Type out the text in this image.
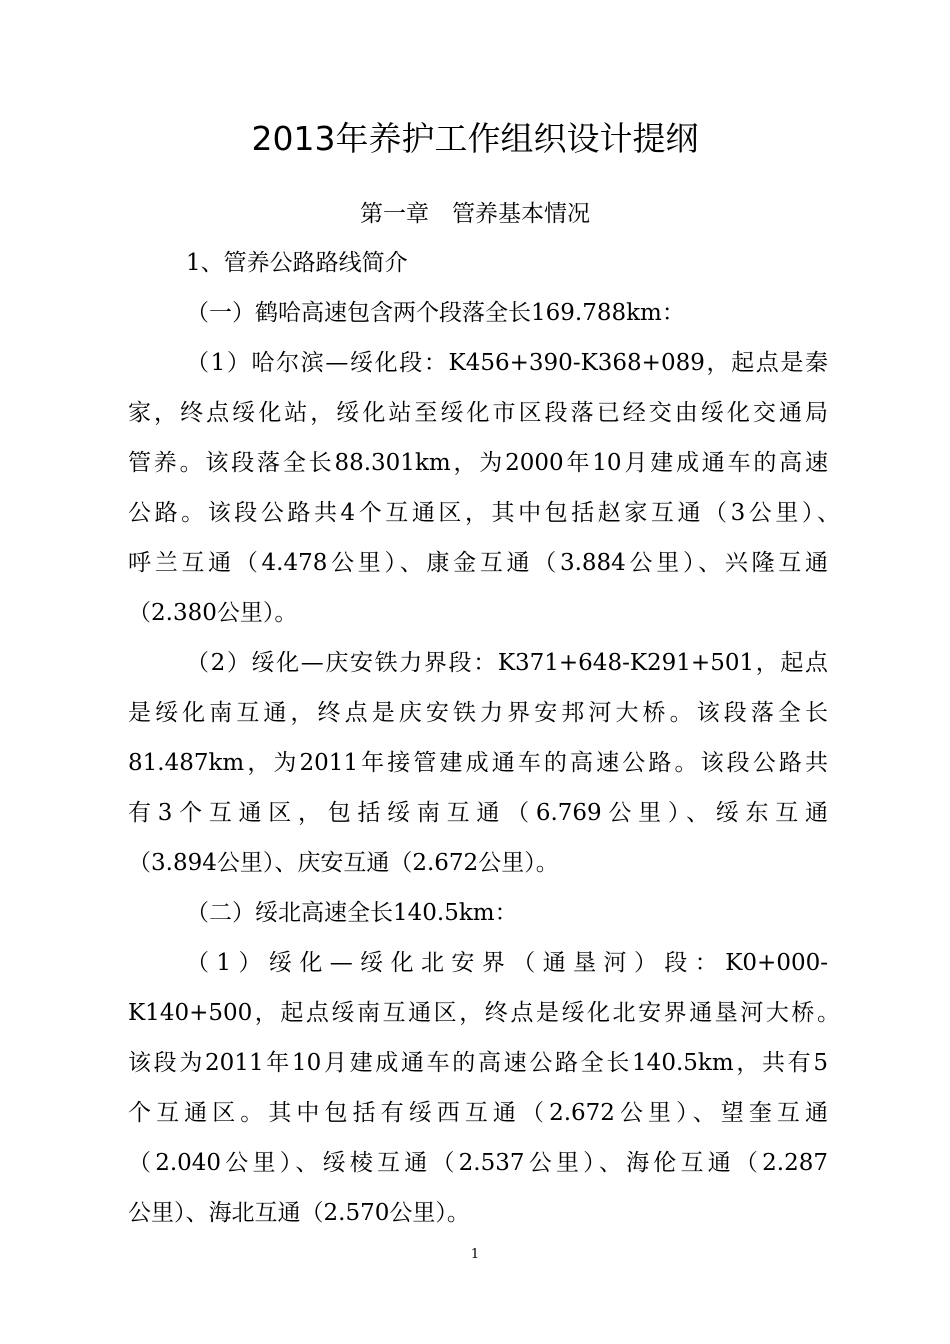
2013年养护工作组织设计提纲
第一章　管养基本情况
1、管养公路路线简介
（一）鹤哈高速包含两个段落全长169.788km：
（1）哈尔滨—绥化段：K456+390-K368+089，起点是秦
家，终点绥化站，绥化站至绥化市区段落已经交由绥化交通局
管养。该段落全长88.301km，为2000年10月建成通车的高速
公路。该段公路共4个互通区，其中包括赵家互通（3公里）、
呼兰互通（4.478公里）、康金互通（3.884公里）、兴隆互通
（2.380公里）。
（2）绥化—庆安铁力界段：K371+648-K291+501，起点
是绥化南互通，终点是庆安铁力界安邦河大桥。该段落全长
81.487km，为2011年接管建成通车的高速公路。该段公路共
有3个互通区，包括绥南互通（6.769公里）、绥东互通
（3.894公里）、庆安互通（2.672公里）。
（二）绥北高速全长140.5km：
（1）绥化—绥化北安界（通垦河）段：K0+000-
K140+500，起点绥南互通区，终点是绥化北安界通垦河大桥。
该段为2011年10月建成通车的高速公路全长140.5km，共有5
个互通区。其中包括有绥西互通（2.672公里）、望奎互通
（2.040公里）、绥棱互通（2.537公里）、海伦互通（2.287
公里）、海北互通（2.570公里）。
1
